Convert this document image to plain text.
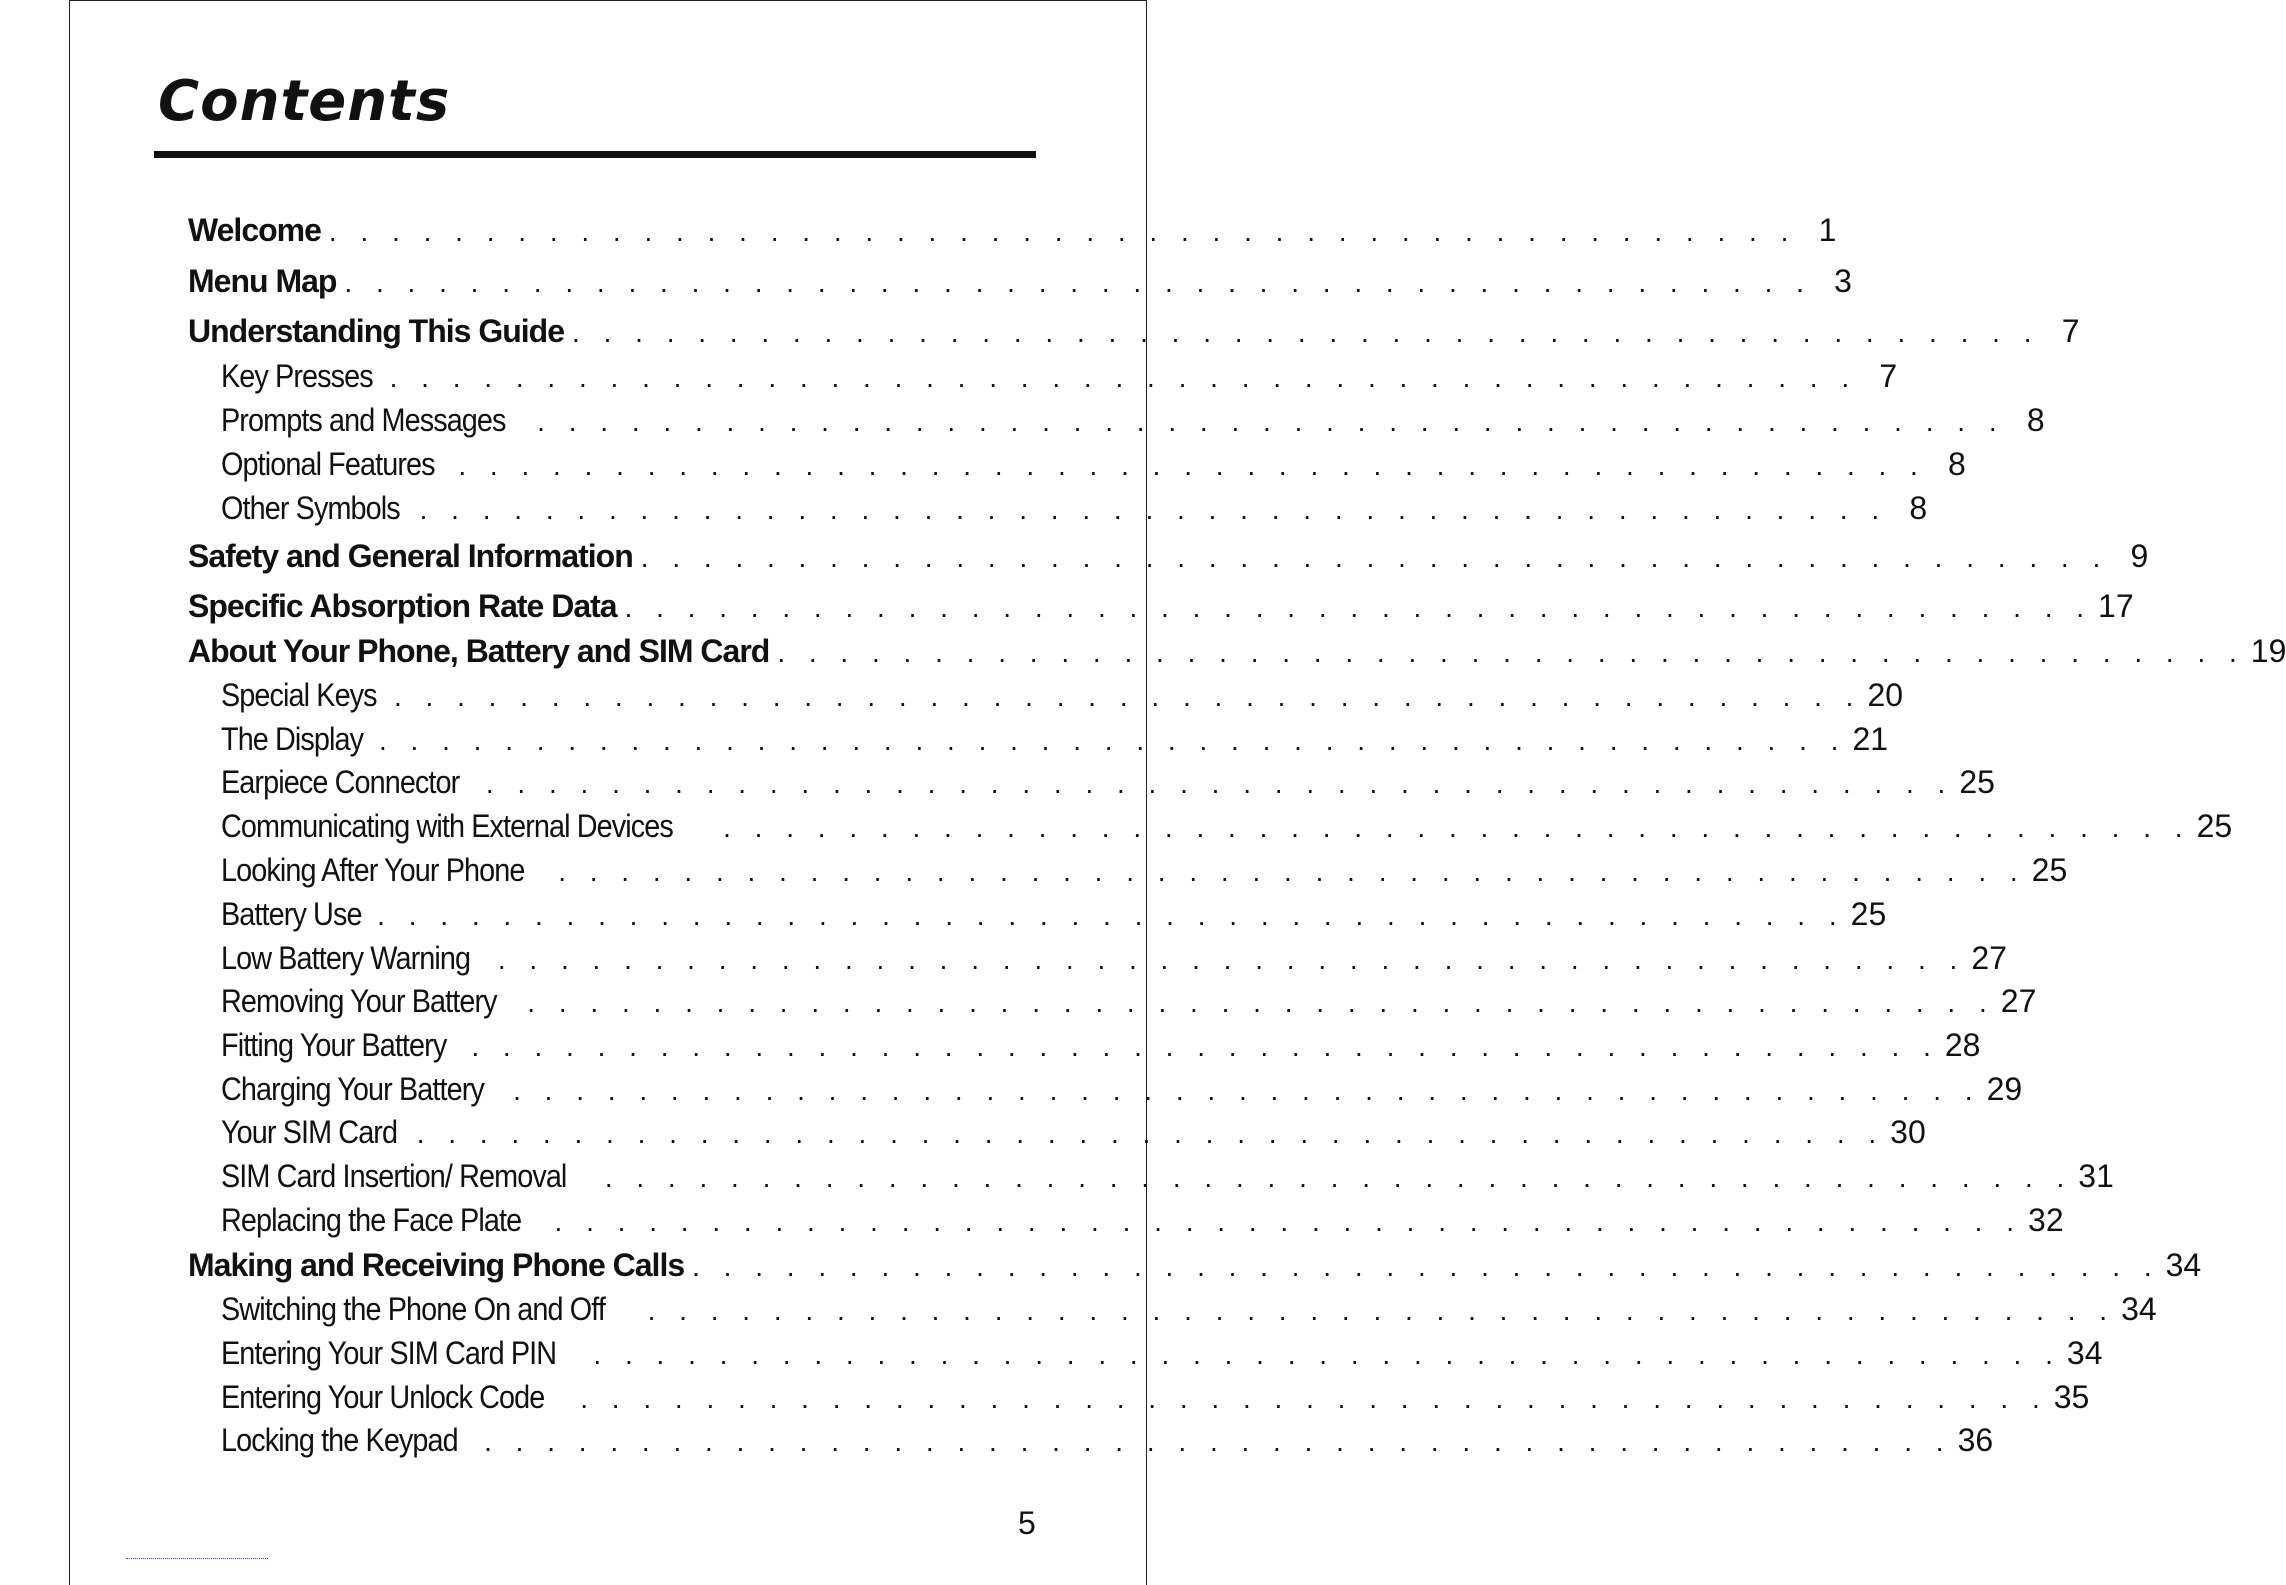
Contents
Welcome . . . . . . . . . . . . . . . . . . . . . . . . . . . . . . . . . . . . . . . . . . . . . . . 1
Menu Map . . . . . . . . . . . . . . . . . . . . . . . . . . . . . . . . . . . . . . . . . . . . . . . 3
Understanding This Guide . . . . . . . . . . . . . . . . . . . . . . . . . . . . . . . . . . . . . . . . . . . . . . . 7
Key Presses . . . . . . . . . . . . . . . . . . . . . . . . . . . . . . . . . . . . . . . . . . . . . . . 7
Prompts and Messages . . . . . . . . . . . . . . . . . . . . . . . . . . . . . . . . . . . . . . . . . . . . . . . 8
Optional Features . . . . . . . . . . . . . . . . . . . . . . . . . . . . . . . . . . . . . . . . . . . . . . . 8
Other Symbols . . . . . . . . . . . . . . . . . . . . . . . . . . . . . . . . . . . . . . . . . . . . . . . 8
Safety and General Information . . . . . . . . . . . . . . . . . . . . . . . . . . . . . . . . . . . . . . . . . . . . . . . 9
Specific Absorption Rate Data . . . . . . . . . . . . . . . . . . . . . . . . . . . . . . . . . . . . . . . . . . . . . . . 17
About Your Phone, Battery and SIM Card . . . . . . . . . . . . . . . . . . . . . . . . . . . . . . . . . . . . . . . . . . . . . . . 19
Special Keys . . . . . . . . . . . . . . . . . . . . . . . . . . . . . . . . . . . . . . . . . . . . . . . 20
The Display . . . . . . . . . . . . . . . . . . . . . . . . . . . . . . . . . . . . . . . . . . . . . . . 21
Earpiece Connector . . . . . . . . . . . . . . . . . . . . . . . . . . . . . . . . . . . . . . . . . . . . . . . 25
Communicating with External Devices . . . . . . . . . . . . . . . . . . . . . . . . . . . . . . . . . . . . . . . . . . . . . . . 25
Looking After Your Phone . . . . . . . . . . . . . . . . . . . . . . . . . . . . . . . . . . . . . . . . . . . . . . . 25
Battery Use . . . . . . . . . . . . . . . . . . . . . . . . . . . . . . . . . . . . . . . . . . . . . . . 25
Low Battery Warning . . . . . . . . . . . . . . . . . . . . . . . . . . . . . . . . . . . . . . . . . . . . . . . 27
Removing Your Battery . . . . . . . . . . . . . . . . . . . . . . . . . . . . . . . . . . . . . . . . . . . . . . . 27
Fitting Your Battery . . . . . . . . . . . . . . . . . . . . . . . . . . . . . . . . . . . . . . . . . . . . . . . 28
Charging Your Battery . . . . . . . . . . . . . . . . . . . . . . . . . . . . . . . . . . . . . . . . . . . . . . . 29
Your SIM Card . . . . . . . . . . . . . . . . . . . . . . . . . . . . . . . . . . . . . . . . . . . . . . . 30
SIM Card Insertion/ Removal . . . . . . . . . . . . . . . . . . . . . . . . . . . . . . . . . . . . . . . . . . . . . . . 31
Replacing the Face Plate . . . . . . . . . . . . . . . . . . . . . . . . . . . . . . . . . . . . . . . . . . . . . . . 32
Making and Receiving Phone Calls . . . . . . . . . . . . . . . . . . . . . . . . . . . . . . . . . . . . . . . . . . . . . . . 34
Switching the Phone On and Off . . . . . . . . . . . . . . . . . . . . . . . . . . . . . . . . . . . . . . . . . . . . . . . 34
Entering Your SIM Card PIN . . . . . . . . . . . . . . . . . . . . . . . . . . . . . . . . . . . . . . . . . . . . . . . 34
Entering Your Unlock Code . . . . . . . . . . . . . . . . . . . . . . . . . . . . . . . . . . . . . . . . . . . . . . . 35
Locking the Keypad . . . . . . . . . . . . . . . . . . . . . . . . . . . . . . . . . . . . . . . . . . . . . . . 36
5
